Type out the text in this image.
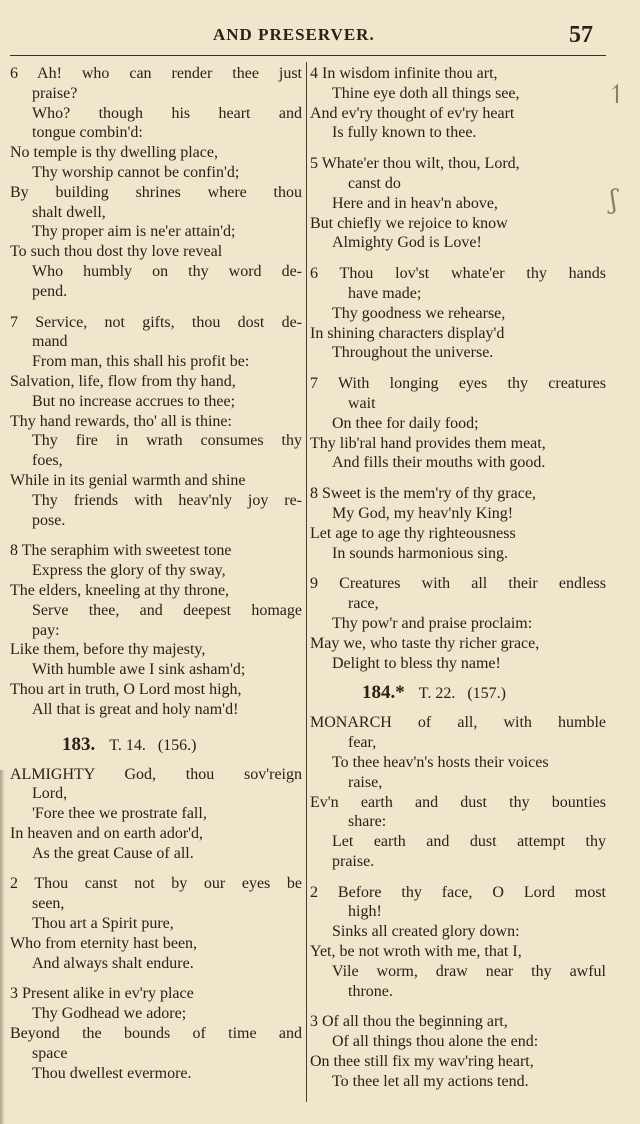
AND PRESERVER.	57
6 Ah! who can render thee just
praise?
Who? though his heart and
tongue combin'd:
No temple is thy dwelling place,
Thy worship cannot be confin'd;
By building shrines where thou
shalt dwell,
Thy proper aim is ne'er attain'd;
To such thou dost thy love reveal
Who humbly on thy word de-
pend.
7 Service, not gifts, thou dost de-
mand
From man, this shall his profit be:
Salvation, life, flow from thy hand,
But no increase accrues to thee;
Thy hand rewards, tho' all is thine:
Thy fire in wrath consumes thy
foes,
While in its genial warmth and shine
Thy friends with heav'nly joy re-
pose.
8 The seraphim with sweetest tone
Express the glory of thy sway,
The elders, kneeling at thy throne,
Serve thee, and deepest homage
pay:
Like them, before thy majesty,
With humble awe I sink asham'd;
Thou art in truth, O Lord most high,
All that is great and holy nam'd!
183. T. 14. (156.)
ALMIGHTY God, thou sov'reign
Lord,
'Fore thee we prostrate fall,
In heaven and on earth ador'd,
As the great Cause of all.
2 Thou canst not by our eyes be
seen,
Thou art a Spirit pure,
Who from eternity hast been,
And always shalt endure.
3 Present alike in ev'ry place
Thy Godhead we adore;
Beyond the bounds of time and
space
Thou dwellest evermore.
4 In wisdom infinite thou art,
Thine eye doth all things see,
And ev'ry thought of ev'ry heart
Is fully known to thee.
5 Whate'er thou wilt, thou, Lord,
canst do
Here and in heav'n above,
But chiefly we rejoice to know
Almighty God is Love!
6 Thou lov'st whate'er thy hands
have made;
Thy goodness we rehearse,
In shining characters display'd
Throughout the universe.
7 With longing eyes thy creatures
wait
On thee for daily food;
Thy lib'ral hand provides them meat,
And fills their mouths with good.
8 Sweet is the mem'ry of thy grace,
My God, my heav'nly King!
Let age to age thy righteousness
In sounds harmonious sing.
9 Creatures with all their endless
race,
Thy pow'r and praise proclaim:
May we, who taste thy richer grace,
Delight to bless thy name!
184.* T. 22. (157.)
MONARCH of all, with humble
fear,
To thee heav'n's hosts their voices
raise,
Ev'n earth and dust thy bounties
share:
Let earth and dust attempt thy
praise.
2 Before thy face, O Lord most
high!
Sinks all created glory down:
Yet, be not wroth with me, that I,
Vile worm, draw near thy awful
throne.
3 Of all thou the beginning art,
Of all things thou alone the end:
On thee still fix my wav'ring heart,
To thee let all my actions tend.
↿
ʃ
